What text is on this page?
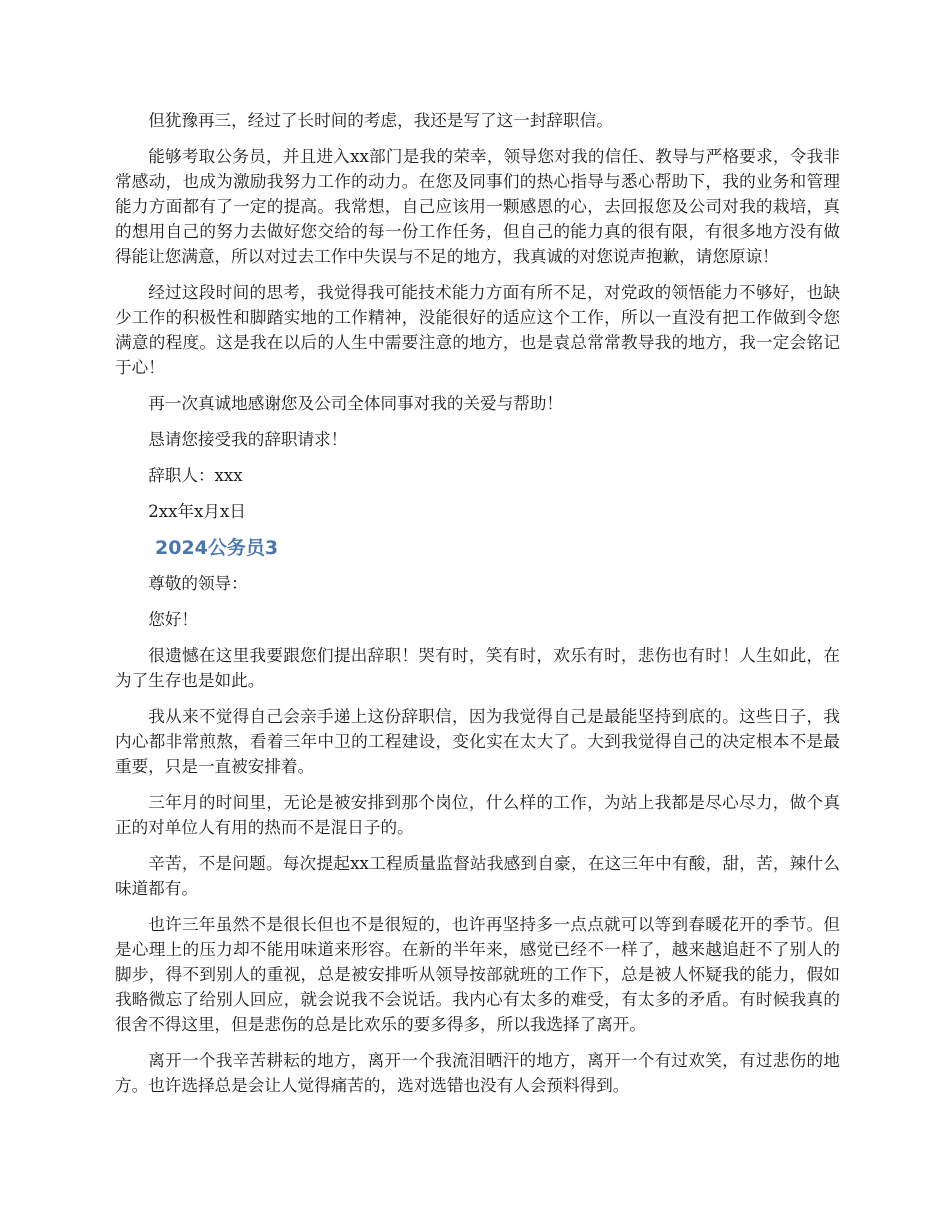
但犹豫再三，经过了长时间的考虑，我还是写了这一封辞职信。

能够考取公务员，并且进入xx部门是我的荣幸，领导您对我的信任、教导与严格要求，令我非常感动，也成为激励我努力工作的动力。在您及同事们的热心指导与悉心帮助下，我的业务和管理能力方面都有了一定的提高。我常想，自己应该用一颗感恩的心，去回报您及公司对我的栽培，真的想用自己的努力去做好您交给的每一份工作任务，但自己的能力真的很有限，有很多地方没有做得能让您满意，所以对过去工作中失误与不足的地方，我真诚的对您说声抱歉，请您原谅！

经过这段时间的思考，我觉得我可能技术能力方面有所不足，对党政的领悟能力不够好，也缺少工作的积极性和脚踏实地的工作精神，没能很好的适应这个工作，所以一直没有把工作做到令您满意的程度。这是我在以后的人生中需要注意的地方，也是袁总常常教导我的地方，我一定会铭记于心！

再一次真诚地感谢您及公司全体同事对我的关爱与帮助！

恳请您接受我的辞职请求！

辞职人：xxx

2xx年x月x日

2024公务员3

尊敬的领导：

您好！

很遗憾在这里我要跟您们提出辞职！哭有时，笑有时，欢乐有时，悲伤也有时！人生如此，在为了生存也是如此。

我从来不觉得自己会亲手递上这份辞职信，因为我觉得自己是最能坚持到底的。这些日子，我内心都非常煎熬，看着三年中卫的工程建设，变化实在太大了。大到我觉得自己的决定根本不是最重要，只是一直被安排着。

三年月的时间里，无论是被安排到那个岗位，什么样的工作，为站上我都是尽心尽力，做个真正的对单位人有用的热而不是混日子的。

辛苦，不是问题。每次提起xx工程质量监督站我感到自豪，在这三年中有酸，甜，苦，辣什么味道都有。

也许三年虽然不是很长但也不是很短的，也许再坚持多一点点就可以等到春暖花开的季节。但是心理上的压力却不能用味道来形容。在新的半年来，感觉已经不一样了，越来越追赶不了别人的脚步，得不到别人的重视，总是被安排听从领导按部就班的工作下，总是被人怀疑我的能力，假如我略微忘了给别人回应，就会说我不会说话。我内心有太多的难受，有太多的矛盾。有时候我真的很舍不得这里，但是悲伤的总是比欢乐的要多得多，所以我选择了离开。

离开一个我辛苦耕耘的地方，离开一个我流泪晒汗的地方，离开一个有过欢笑，有过悲伤的地方。也许选择总是会让人觉得痛苦的，选对选错也没有人会预料得到。
